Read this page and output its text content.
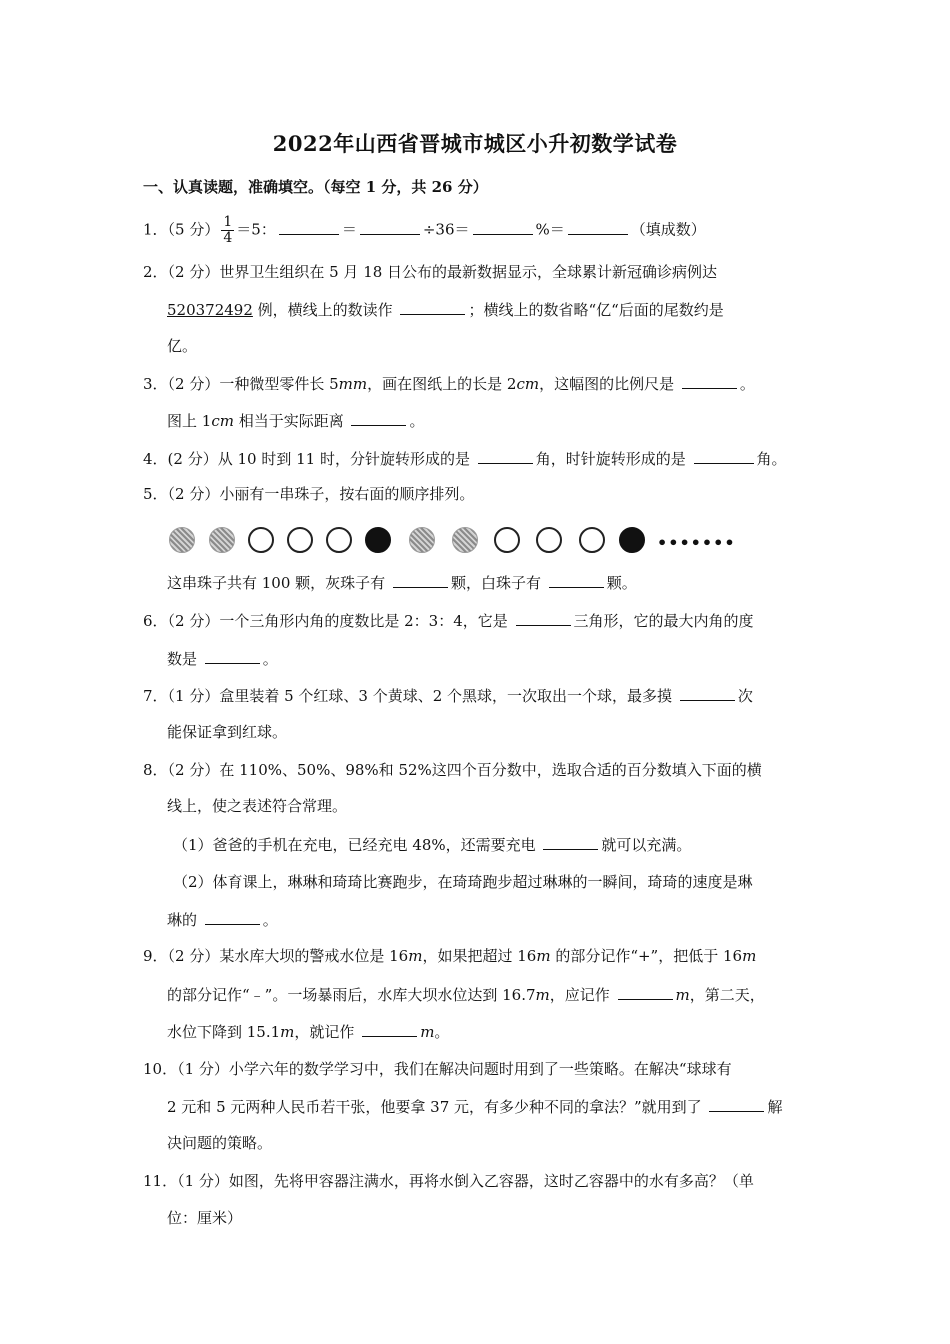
2022年山西省晋城市城区小升初数学试卷
一、认真读题，准确填空。（每空 1 分，共 26 分）
1．（5 分） $\frac{1}{4} =5$：	＝	÷36＝	%＝	（填成数）
2．（2 分）世界卫生组织在 5 月 18 日公布的最新数据显示，全球累计新冠确诊病例达
520372492 例，横线上的数读作	；横线上的数省略“亿“后面的尾数约是
亿。
3．（2 分）一种微型零件长 5mm，画在图纸上的长是 2cm，这幅图的比例尺是	。
图上 1cm 相当于实际距离	。
4．(2 分）从 10 时到 11 时，分针旋转形成的是	角，时针旋转形成的是	角。
5．（2 分）小丽有一串珠子，按右面的顺序排列。
•••••••
这串珠子共有 100 颗，灰珠子有	颗，白珠子有	颗。
6．（2 分）一个三角形内角的度数比是 2：3：4，它是	三角形，它的最大内角的度
数是	。
7．（1 分）盒里装着 5 个红球、3 个黄球、2 个黑球，一次取出一个球，最多摸	次
能保证拿到红球。
8．（2 分）在 110%、50%、98%和 52%这四个百分数中，选取合适的百分数填入下面的横
线上，使之表述符合常理。
（1）爸爸的手机在充电，已经充电 48%，还需要充电	就可以充满。
（2）体育课上，琳琳和琦琦比赛跑步，在琦琦跑步超过琳琳的一瞬间，琦琦的速度是琳
琳的	。
9．（2 分）某水库大坝的警戒水位是 16m，如果把超过 16m 的部分记作“+”，把低于 16m
的部分记作“﹣”。一场暴雨后，水库大坝水位达到 16.7m，应记作	m，第二天，
水位下降到 15.1m，就记作	m。
10．（1 分）小学六年的数学学习中，我们在解决问题时用到了一些策略。在解决“球球有
2 元和 5 元两种人民币若干张，他要拿 37 元，有多少种不同的拿法？”就用到了	解
决问题的策略。
11．（1 分）如图，先将甲容器注满水，再将水倒入乙容器，这时乙容器中的水有多高？（单
位：厘米）
